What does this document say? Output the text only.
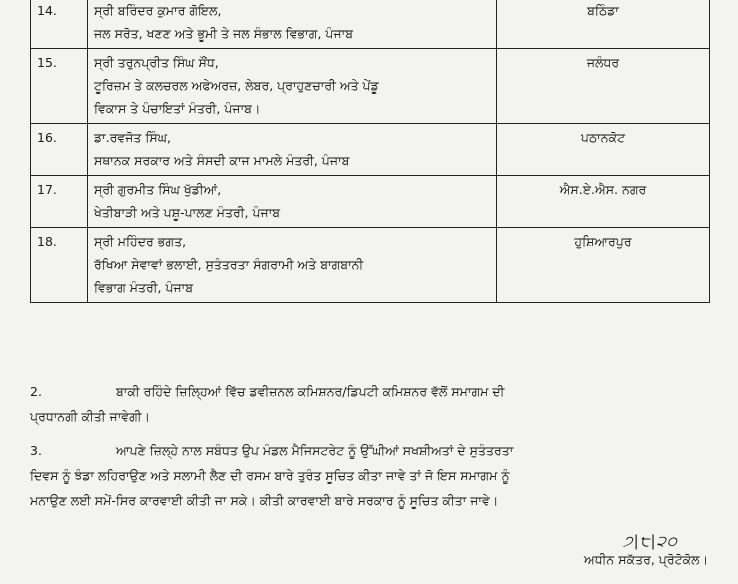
14.	ਸ੍ਰੀ ਬਰਿੰਦਰ ਕੁਮਾਰ ਗੋਇਲ,
ਜਲ ਸਰੋਤ, ਖਣਣ ਅਤੇ ਭੂਮੀ ਤੇ ਜਲ ਸੰਭਾਲ ਵਿਭਾਗ, ਪੰਜਾਬ	ਬਠਿੰਡਾ
15.	ਸ੍ਰੀ ਤਰੁਨਪ੍ਰੀਤ ਸਿੰਘ ਸੌਂਧ,
ਟੂਰਿਜ਼ਮ ਤੇ ਕਲਚਰਲ ਅਫੇਅਰਜ਼, ਲੇਬਰ, ਪ੍ਰਾਹੁਣਚਾਰੀ ਅਤੇ ਪੇਂਡੂ
ਵਿਕਾਸ ਤੇ ਪੰਚਾਇਤਾਂ ਮੰਤਰੀ, ਪੰਜਾਬ।	ਜਲੰਧਰ
16.	ਡਾ.ਰਵਜੋਤ ਸਿੰਘ,
ਸਥਾਨਕ ਸਰਕਾਰ ਅਤੇ ਸੰਸਦੀ ਕਾਜ ਮਾਮਲੇ ਮੰਤਰੀ, ਪੰਜਾਬ	ਪਠਾਨਕੋਟ
17.	ਸ੍ਰੀ ਗੁਰਮੀਤ ਸਿੰਘ ਖੁੱਡੀਆਂ,
ਖੇਤੀਬਾੜੀ ਅਤੇ ਪਸ਼ੂ-ਪਾਲਣ ਮੰਤਰੀ, ਪੰਜਾਬ	ਐਸ.ਏ.ਐਸ. ਨਗਰ
18.	ਸ੍ਰੀ ਮਹਿੰਦਰ ਭਗਤ,
ਰੱਖਿਆ ਸੇਵਾਵਾਂ ਭਲਾਈ, ਸੁਤੰਤਰਤਾ ਸੰਗਰਾਮੀ ਅਤੇ ਬਾਗਬਾਨੀ
ਵਿਭਾਗ ਮੰਤਰੀ, ਪੰਜਾਬ	ਹੁਸ਼ਿਆਰਪੁਰ
2.	ਬਾਕੀ ਰਹਿੰਦੇ ਜ਼ਿਲ੍ਹਿਆਂ ਵਿੱਚ ਡਵੀਜ਼ਨਲ ਕਮਿਸ਼ਨਰ/ਡਿਪਟੀ ਕਮਿਸ਼ਨਰ ਵੱਲੋਂ ਸਮਾਗਮ ਦੀ
ਪ੍ਰਧਾਨਗੀ ਕੀਤੀ ਜਾਵੇਗੀ।
3.	ਆਪਣੇ ਜ਼ਿਲ੍ਹੇ ਨਾਲ ਸਬੰਧਤ ਉਪ ਮੰਡਲ ਮੈਜਿਸਟਰੇਟ ਨੂੰ ਉੱਘੀਆਂ ਸਖਸ਼ੀਅਤਾਂ ਦੇ ਸੁਤੰਤਰਤਾ
ਦਿਵਸ ਨੂੰ ਝੰਡਾ ਲਹਿਰਾਉਣ ਅਤੇ ਸਲਾਮੀ ਲੈਣ ਦੀ ਰਸਮ ਬਾਰੇ ਤੁਰੰਤ ਸੂਚਿਤ ਕੀਤਾ ਜਾਵੇ ਤਾਂ ਜੋ ਇਸ ਸਮਾਗਮ ਨੂੰ
ਮਨਾਉਣ ਲਈ ਸਮੇਂ-ਸਿਰ ਕਾਰਵਾਈ ਕੀਤੀ ਜਾ ਸਕੇ। ਕੀਤੀ ਕਾਰਵਾਈ ਬਾਰੇ ਸਰਕਾਰ ਨੂੰ ਸੂਚਿਤ ਕੀਤਾ ਜਾਵੇ।
੭|੮|੨੦
ਅਧੀਨ ਸਕੱਤਰ, ਪ੍ਰੋਟੋਕੋਲ।
